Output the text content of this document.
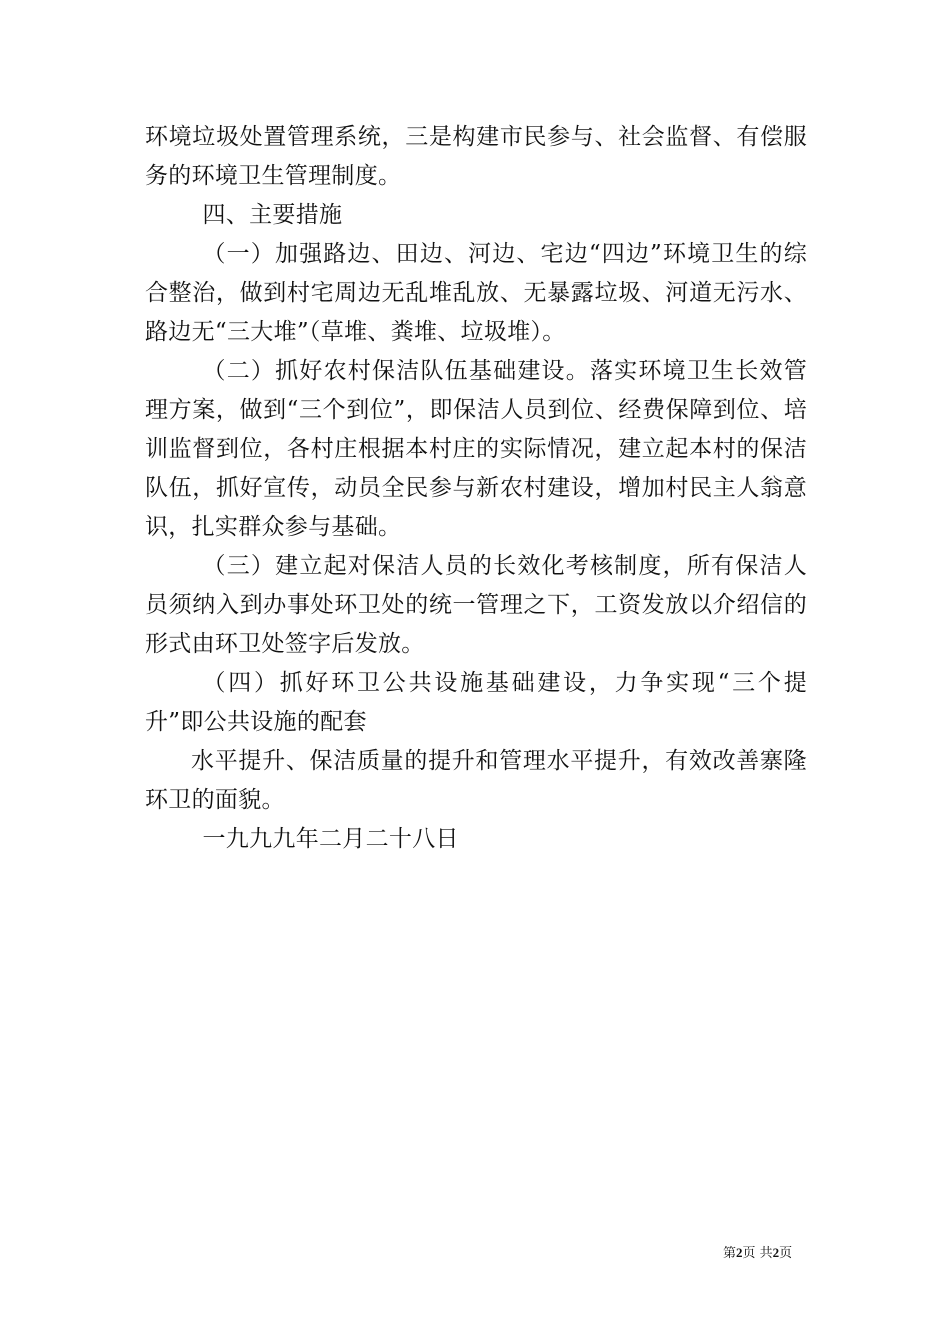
环境垃圾处置管理系统，三是构建市民参与、社会监督、有偿服务的环境卫生管理制度。

四、主要措施

（一）加强路边、田边、河边、宅边“四边”环境卫生的综合整治，做到村宅周边无乱堆乱放、无暴露垃圾、河道无污水、路边无“三大堆”（草堆、粪堆、垃圾堆）。

（二）抓好农村保洁队伍基础建设。落实环境卫生长效管理方案，做到“三个到位”，即保洁人员到位、经费保障到位、培训监督到位，各村庄根据本村庄的实际情况，建立起本村的保洁队伍，抓好宣传，动员全民参与新农村建设，增加村民主人翁意识，扎实群众参与基础。

（三）建立起对保洁人员的长效化考核制度，所有保洁人员须纳入到办事处环卫处的统一管理之下，工资发放以介绍信的形式由环卫处签字后发放。

（四）抓好环卫公共设施基础建设，力争实现“三个提升”即公共设施的配套

水平提升、保洁质量的提升和管理水平提升，有效改善寨隆环卫的面貌。

一九九九年二月二十八日

第2页 共2页
